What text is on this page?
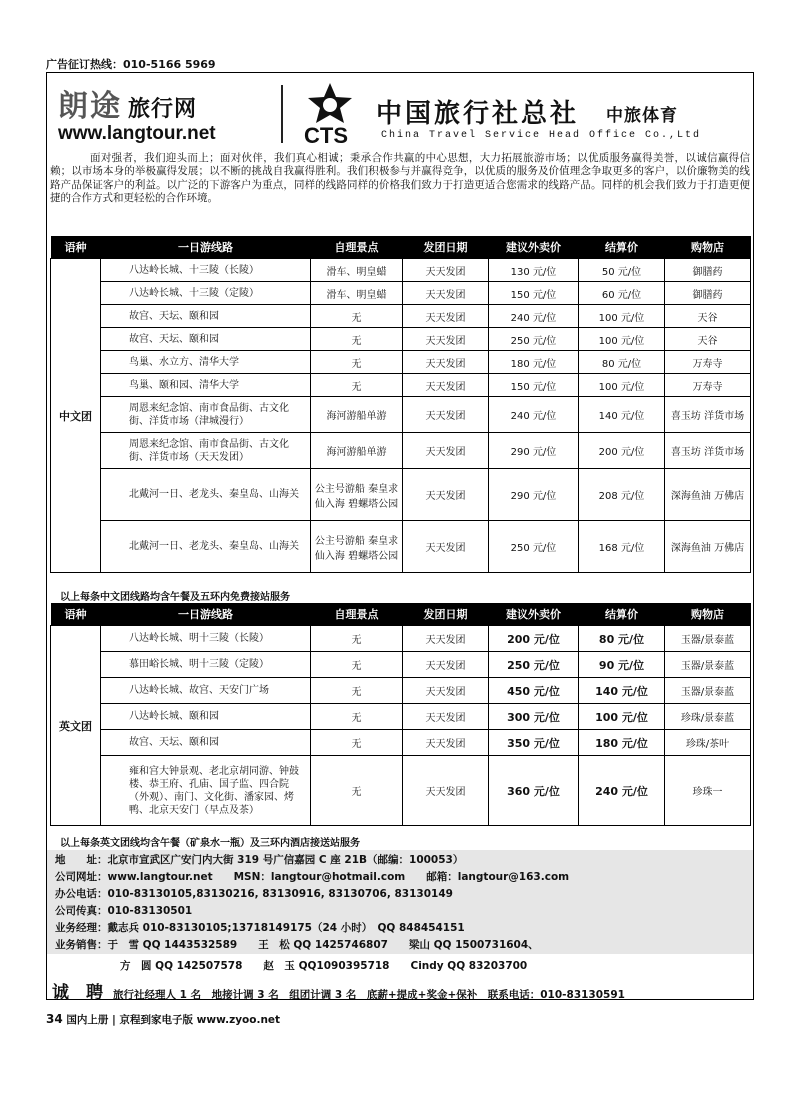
广告征订热线：010-5166 5969
朗途 旅行网
www.langtour.net	CTS
中国旅行社总社 中旅体育
China Travel Service Head Office Co.,Ltd

面对强者，我们迎头而上；面对伙伴，我们真心相诚；秉承合作共赢的中心思想，大力拓展旅游市场；以优质服务赢得美誉，以诚信赢得信赖；以市场本身的举极赢得发展；以不断的挑战自我赢得胜利。我们积极参与并赢得竞争，以优质的服务及价值理念争取更多的客户，以价廉物美的线路产品保证客户的利益。以广泛的下游客户为重点，同样的线路同样的价格我们致力于打造更适合您需求的线路产品。同样的机会我们致力于打造更便捷的合作方式和更轻松的合作环境。

语种	一日游线路	自理景点	发团日期	建议外卖价	结算价	购物店
中文团	八达岭长城、十三陵（长陵）	滑车、明皇蜡	天天发团	130 元/位	50 元/位	御膳药
	八达岭长城、十三陵（定陵）	滑车、明皇蜡	天天发团	150 元/位	60 元/位	御膳药
	故宫、天坛、颐和园	无	天天发团	240 元/位	100 元/位	天谷
	故宫、天坛、颐和园	无	天天发团	250 元/位	100 元/位	天谷
	鸟巢、水立方、清华大学	无	天天发团	180 元/位	80 元/位	万寿寺
	鸟巢、颐和园、清华大学	无	天天发团	150 元/位	100 元/位	万寿寺
	周恩来纪念馆、南市食品街、古文化街、洋货市场（津城漫行）	海河游船单游	天天发团	240 元/位	140 元/位	喜玉坊 洋货市场
	周恩来纪念馆、南市食品街、古文化街、洋货市场（天天发团）	海河游船单游	天天发团	290 元/位	200 元/位	喜玉坊 洋货市场
	北戴河一日、老龙头、秦皇岛、山海关	公主号游船 秦皇求仙入海 碧螺塔公园	天天发团	290 元/位	208 元/位	深海鱼油 万佛店
	北戴河一日、老龙头、秦皇岛、山海关	公主号游船 秦皇求仙入海 碧螺塔公园	天天发团	250 元/位	168 元/位	深海鱼油 万佛店
以上每条中文团线路均含午餐及五环内免费接站服务
语种	一日游线路	自理景点	发团日期	建议外卖价	结算价	购物店
英文团	八达岭长城、明十三陵（长陵）	无	天天发团	200 元/位	80 元/位	玉器/景泰蓝
	慕田峪长城、明十三陵（定陵）	无	天天发团	250 元/位	90 元/位	玉器/景泰蓝
	八达岭长城、故宫、天安门广场	无	天天发团	450 元/位	140 元/位	玉器/景泰蓝
	八达岭长城、颐和园	无	天天发团	300 元/位	100 元/位	珍珠/景泰蓝
	故宫、天坛、颐和园	无	天天发团	350 元/位	180 元/位	珍珠/茶叶
	雍和宫大钟景观、老北京胡同游、钟鼓楼、恭王府、孔庙、国子监、四合院（外观）、南门、文化街、潘家园、烤鸭、北京天安门（早点及茶）	无	天天发团	360 元/位	240 元/位	珍珠一
以上每条英文团线均含午餐（矿泉水一瓶）及三环内酒店接送站服务
地　　址：北京市宣武区广安门内大街 319 号广信嘉园 C 座 21B（邮编：100053）
公司网址：www.langtour.net　　MSN：langtour@hotmail.com　　邮箱：langtour@163.com
办公电话：010-83130105,83130216, 83130916, 83130706, 83130149
公司传真：010-83130501
业务经理：戴志兵 010-83130105;13718149175（24 小时）　QQ 848454151
业务销售：于　雪 QQ 1443532589　　王　松 QQ 1425746807　　梁山 QQ 1500731604、
方　圆 QQ 142507578　　赵　玉 QQ1090395718　　Cindy QQ 83203700
诚　聘 旅行社经理人 1 名　地接计调 3 名　组团计调 3 名　底薪+提成+奖金+保补　联系电话：010-83130591
34 国内上册 | 京程到家电子版 www.zyoo.net
